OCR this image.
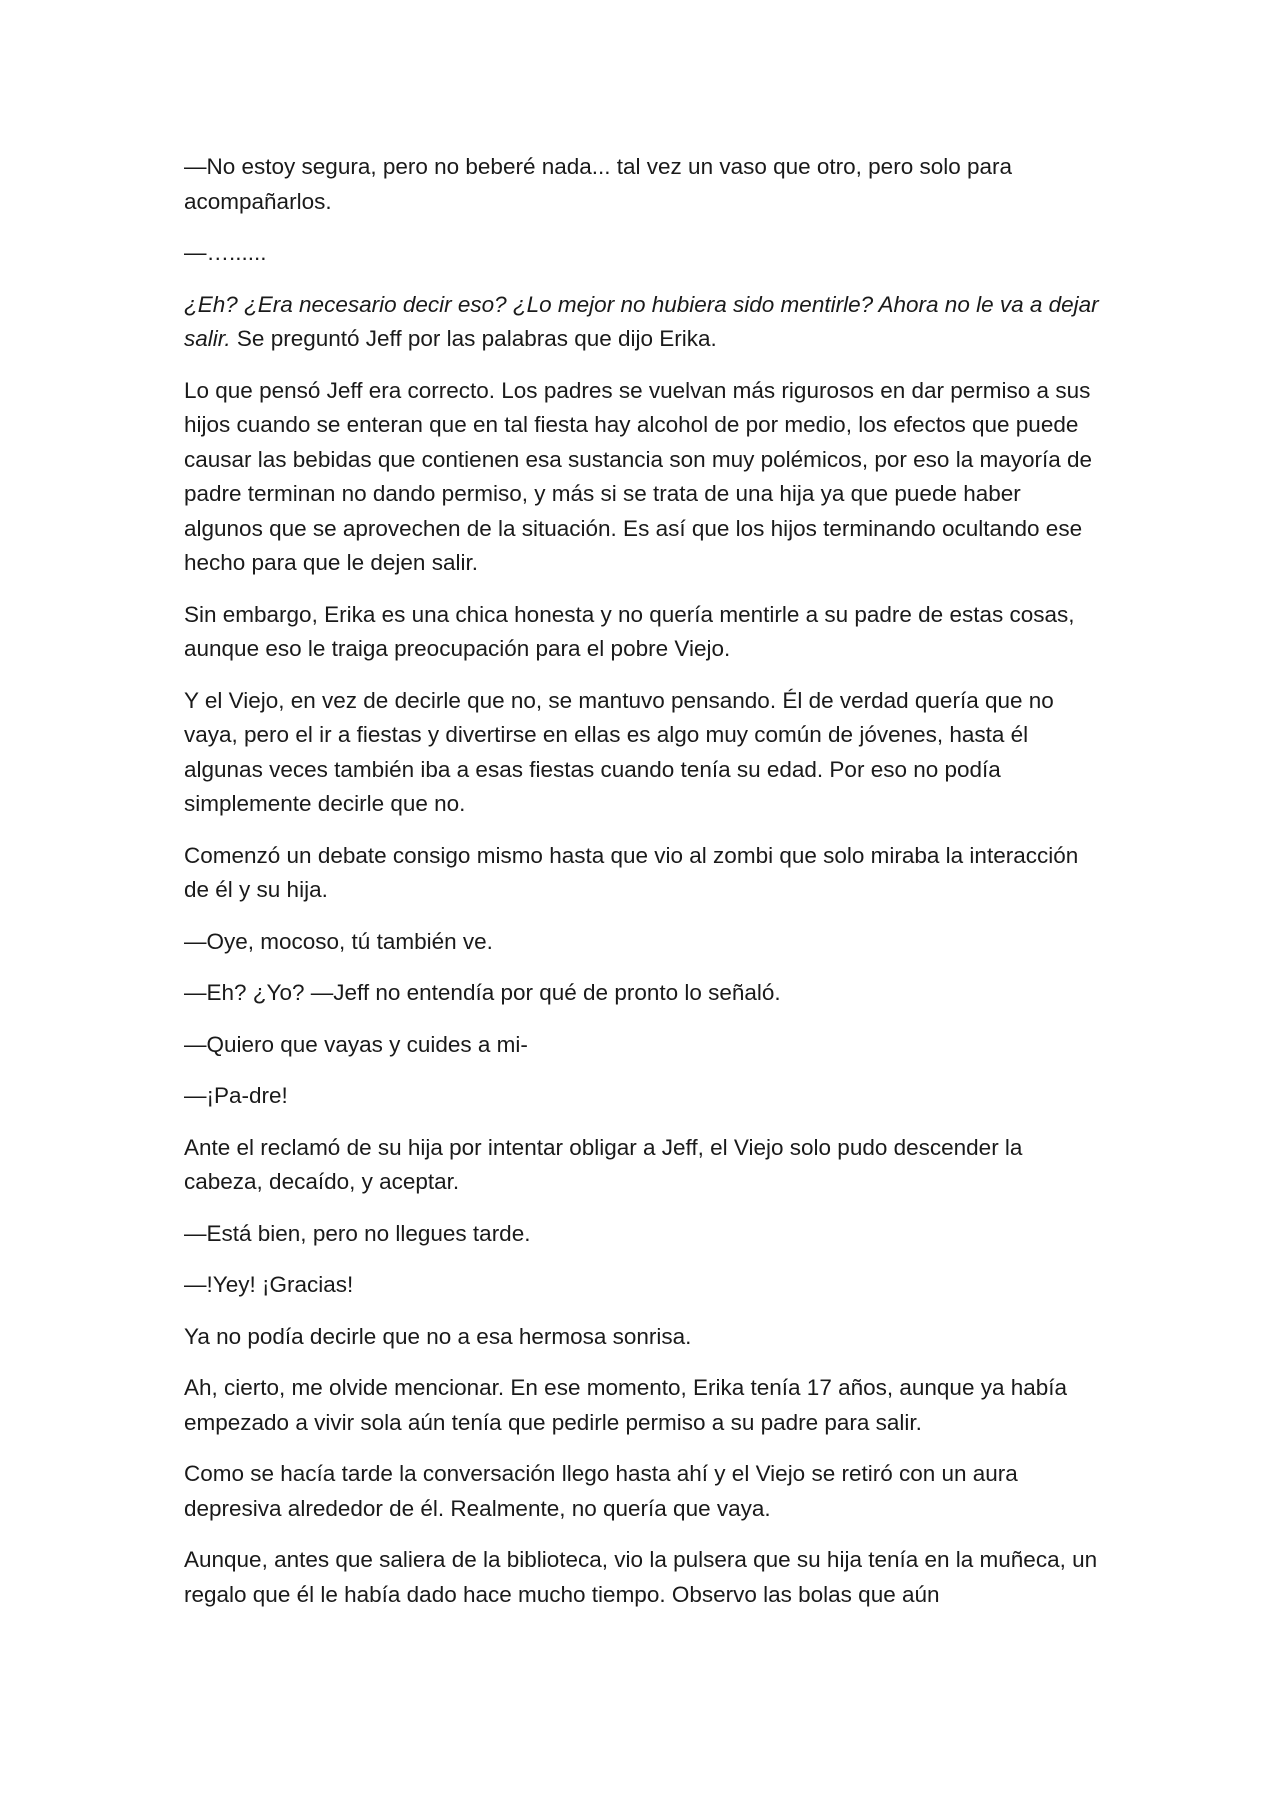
—No estoy segura, pero no beberé nada... tal vez un vaso que otro, pero solo para acompañarlos.

—…......

¿Eh? ¿Era necesario decir eso? ¿Lo mejor no hubiera sido mentirle? Ahora no le va a dejar salir. Se preguntó Jeff por las palabras que dijo Erika.

Lo que pensó Jeff era correcto. Los padres se vuelvan más rigurosos en dar permiso a sus hijos cuando se enteran que en tal fiesta hay alcohol de por medio, los efectos que puede causar las bebidas que contienen esa sustancia son muy polémicos, por eso la mayoría de padre terminan no dando permiso, y más si se trata de una hija ya que puede haber algunos que se aprovechen de la situación. Es así que los hijos terminando ocultando ese hecho para que le dejen salir.

Sin embargo, Erika es una chica honesta y no quería mentirle a su padre de estas cosas, aunque eso le traiga preocupación para el pobre Viejo.

Y el Viejo, en vez de decirle que no, se mantuvo pensando. Él de verdad quería que no vaya, pero el ir a fiestas y divertirse en ellas es algo muy común de jóvenes, hasta él algunas veces también iba a esas fiestas cuando tenía su edad. Por eso no podía simplemente decirle que no.

Comenzó un debate consigo mismo hasta que vio al zombi que solo miraba la interacción de él y su hija.

—Oye, mocoso, tú también ve.

—Eh? ¿Yo? —Jeff no entendía por qué de pronto lo señaló.

—Quiero que vayas y cuides a mi-

—¡Pa-dre!

Ante el reclamó de su hija por intentar obligar a Jeff, el Viejo solo pudo descender la cabeza, decaído, y aceptar.

—Está bien, pero no llegues tarde.

—!Yey! ¡Gracias!

Ya no podía decirle que no a esa hermosa sonrisa.

Ah, cierto, me olvide mencionar. En ese momento, Erika tenía 17 años, aunque ya había empezado a vivir sola aún tenía que pedirle permiso a su padre para salir.

Como se hacía tarde la conversación llego hasta ahí y el Viejo se retiró con un aura depresiva alrededor de él. Realmente, no quería que vaya.

Aunque, antes que saliera de la biblioteca, vio la pulsera que su hija tenía en la muñeca, un regalo que él le había dado hace mucho tiempo. Observo las bolas que aún
